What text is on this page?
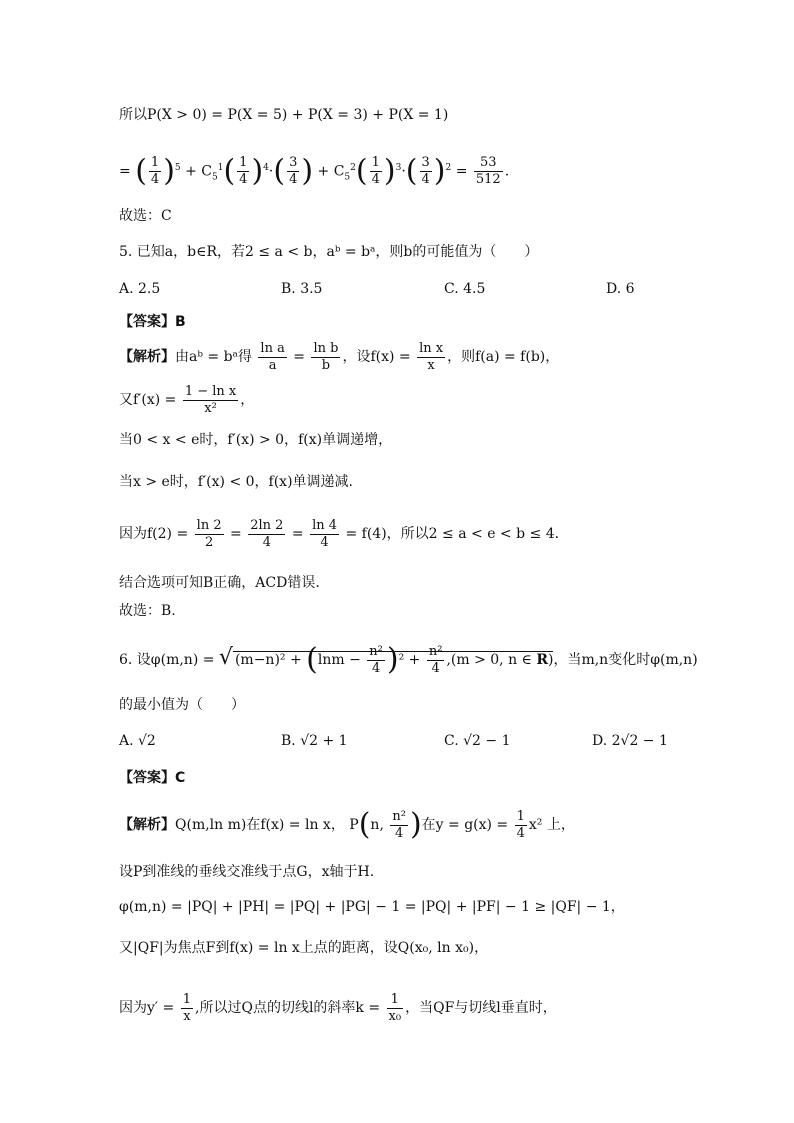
所以P(X > 0) = P(X = 5) + P(X = 3) + P(X = 1)
= ( $\frac{1}{4} )^5 + C_5^1( \frac{1}{4} )^4\cdot( \frac{3}{4}$ ) + $C_5^2( \frac{1}{4} )^3\cdot( \frac{3}{4} )^2 = \frac{53}{512}$ .
故选：C
5. 已知a，b∈R，若2 ≤ a < b，aᵇ = bᵃ，则b的可能值为（　　）
A. 2.5	B. 3.5	C. 4.5	D. 6
【答案】B
【解析】由aᵇ = bᵃ得 $\frac{\text{ln a}}{a} = \frac{\text{ln b}}{b}$ ，设$f(x) = \frac{\text{ln x}}{x}$ ，则f(a) = f(b)，
又$f'(x) = \frac{\text{1 − ln x}}{\text{x²}}$ ，
当0 < x < e时，f′(x) > 0，f(x)单调递增，
当x > e时，f′(x) < 0，f(x)单调递减.
因为$f(2) = \frac{\ln 2}{2} = \frac{2\ln 2}{4} = \frac{\ln 4}{4} = f(4)$，所以2 ≤ a < e < b ≤ 4．
结合选项可知B正确，ACD错误.
故选：B.
6. 设φ(m,n) = √ $(m-n)^2 + (\ln m - \frac{\text{n²}}{4} )^2 + \frac{\text{n²}}{4} ,(m > 0$, n ∈ R)，当m,n变化时φ(m,n)
的最小值为（　　）
A. √2	B. √2 + 1	C. √2 − 1	D. 2√2 − 1
【答案】C
【解析】Q(m,ln m)在f(x) = ln x， P(n, $\frac{\text{n²}}{4}$ )在$y = g(x) = \frac{1}{4} x^2$ 上，
设P到准线的垂线交准线于点G，x轴于H.
φ(m,n) = |PQ| + |PH| = |PQ| + |PG| − 1 = |PQ| + |PF| − 1 ≥ |QF| − 1，
又|QF|为焦点F到f(x) = ln x上点的距离，设Q(x₀, ln x₀)，
因为$y' = \frac{1}{x}$ ,所以过Q点的切线l的斜率$k = \frac{1}{\text{x₀}}$ ，当QF与切线l垂直时，
